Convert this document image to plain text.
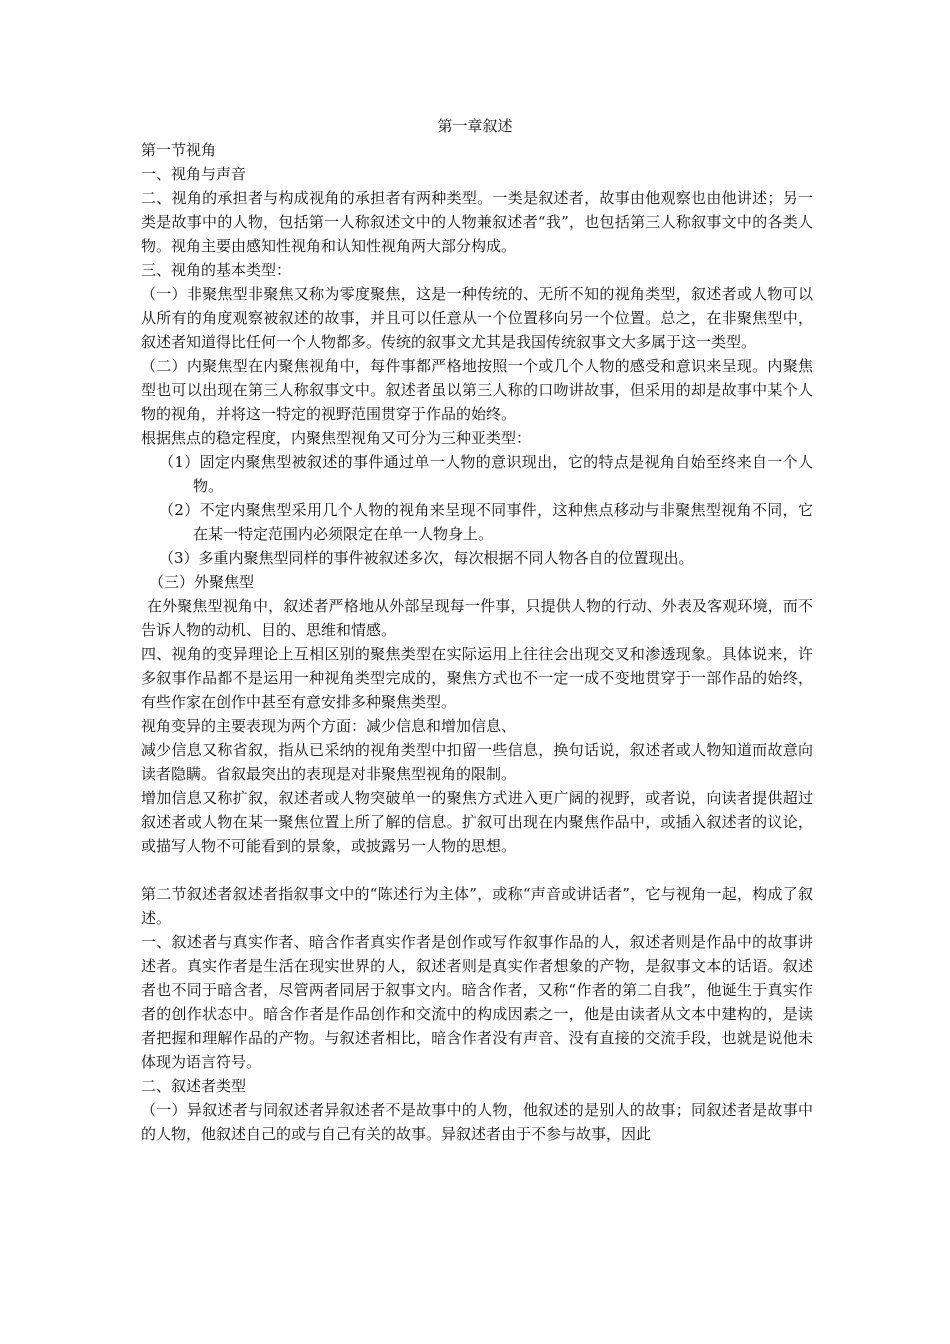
第一章叙述

第一节视角

一、视角与声音

二、视角的承担者与构成视角的承担者有两种类型。一类是叙述者，故事由他观察也由他讲述；另一类是故事中的人物，包括第一人称叙述文中的人物兼叙述者“我”，也包括第三人称叙事文中的各类人物。视角主要由感知性视角和认知性视角两大部分构成。

三、视角的基本类型：

（一）非聚焦型非聚焦又称为零度聚焦，这是一种传统的、无所不知的视角类型，叙述者或人物可以从所有的角度观察被叙述的故事，并且可以任意从一个位置移向另一个位置。总之，在非聚焦型中，叙述者知道得比任何一个人物都多。传统的叙事文尤其是我国传统叙事文大多属于这一类型。

（二）内聚焦型在内聚焦视角中，每件事都严格地按照一个或几个人物的感受和意识来呈现。内聚焦型也可以出现在第三人称叙事文中。叙述者虽以第三人称的口吻讲故事，但采用的却是故事中某个人物的视角，并将这一特定的视野范围贯穿于作品的始终。

根据焦点的稳定程度，内聚焦型视角又可分为三种亚类型：

（1）固定内聚焦型被叙述的事件通过单一人物的意识现出，它的特点是视角自始至终来自一个人物。

（2）不定内聚焦型采用几个人物的视角来呈现不同事件，这种焦点移动与非聚焦型视角不同，它在某一特定范围内必须限定在单一人物身上。

（3）多重内聚焦型同样的事件被叙述多次，每次根据不同人物各自的位置现出。

（三）外聚焦型

在外聚焦型视角中，叙述者严格地从外部呈现每一件事，只提供人物的行动、外表及客观环境，而不告诉人物的动机、目的、思维和情感。

四、视角的变异理论上互相区别的聚焦类型在实际运用上往往会出现交叉和渗透现象。具体说来，许多叙事作品都不是运用一种视角类型完成的，聚焦方式也不一定一成不变地贯穿于一部作品的始终，有些作家在创作中甚至有意安排多种聚焦类型。

视角变异的主要表现为两个方面：减少信息和增加信息、

减少信息又称省叙，指从已采纳的视角类型中扣留一些信息，换句话说，叙述者或人物知道而故意向读者隐瞒。省叙最突出的表现是对非聚焦型视角的限制。

增加信息又称扩叙，叙述者或人物突破单一的聚焦方式进入更广阔的视野，或者说，向读者提供超过叙述者或人物在某一聚焦位置上所了解的信息。扩叙可出现在内聚焦作品中，或插入叙述者的议论，或描写人物不可能看到的景象，或披露另一人物的思想。

第二节叙述者叙述者指叙事文中的“陈述行为主体”，或称“声音或讲话者”，它与视角一起，构成了叙述。

一、叙述者与真实作者、暗含作者真实作者是创作或写作叙事作品的人，叙述者则是作品中的故事讲述者。真实作者是生活在现实世界的人，叙述者则是真实作者想象的产物，是叙事文本的话语。叙述者也不同于暗含者，尽管两者同居于叙事文内。暗含作者，又称“作者的第二自我”，他诞生于真实作者的创作状态中。暗含作者是作品创作和交流中的构成因素之一，他是由读者从文本中建构的，是读者把握和理解作品的产物。与叙述者相比，暗含作者没有声音、没有直接的交流手段，也就是说他未体现为语言符号。

二、叙述者类型

（一）异叙述者与同叙述者异叙述者不是故事中的人物，他叙述的是别人的故事；同叙述者是故事中的人物，他叙述自己的或与自己有关的故事。异叙述者由于不参与故事，因此
